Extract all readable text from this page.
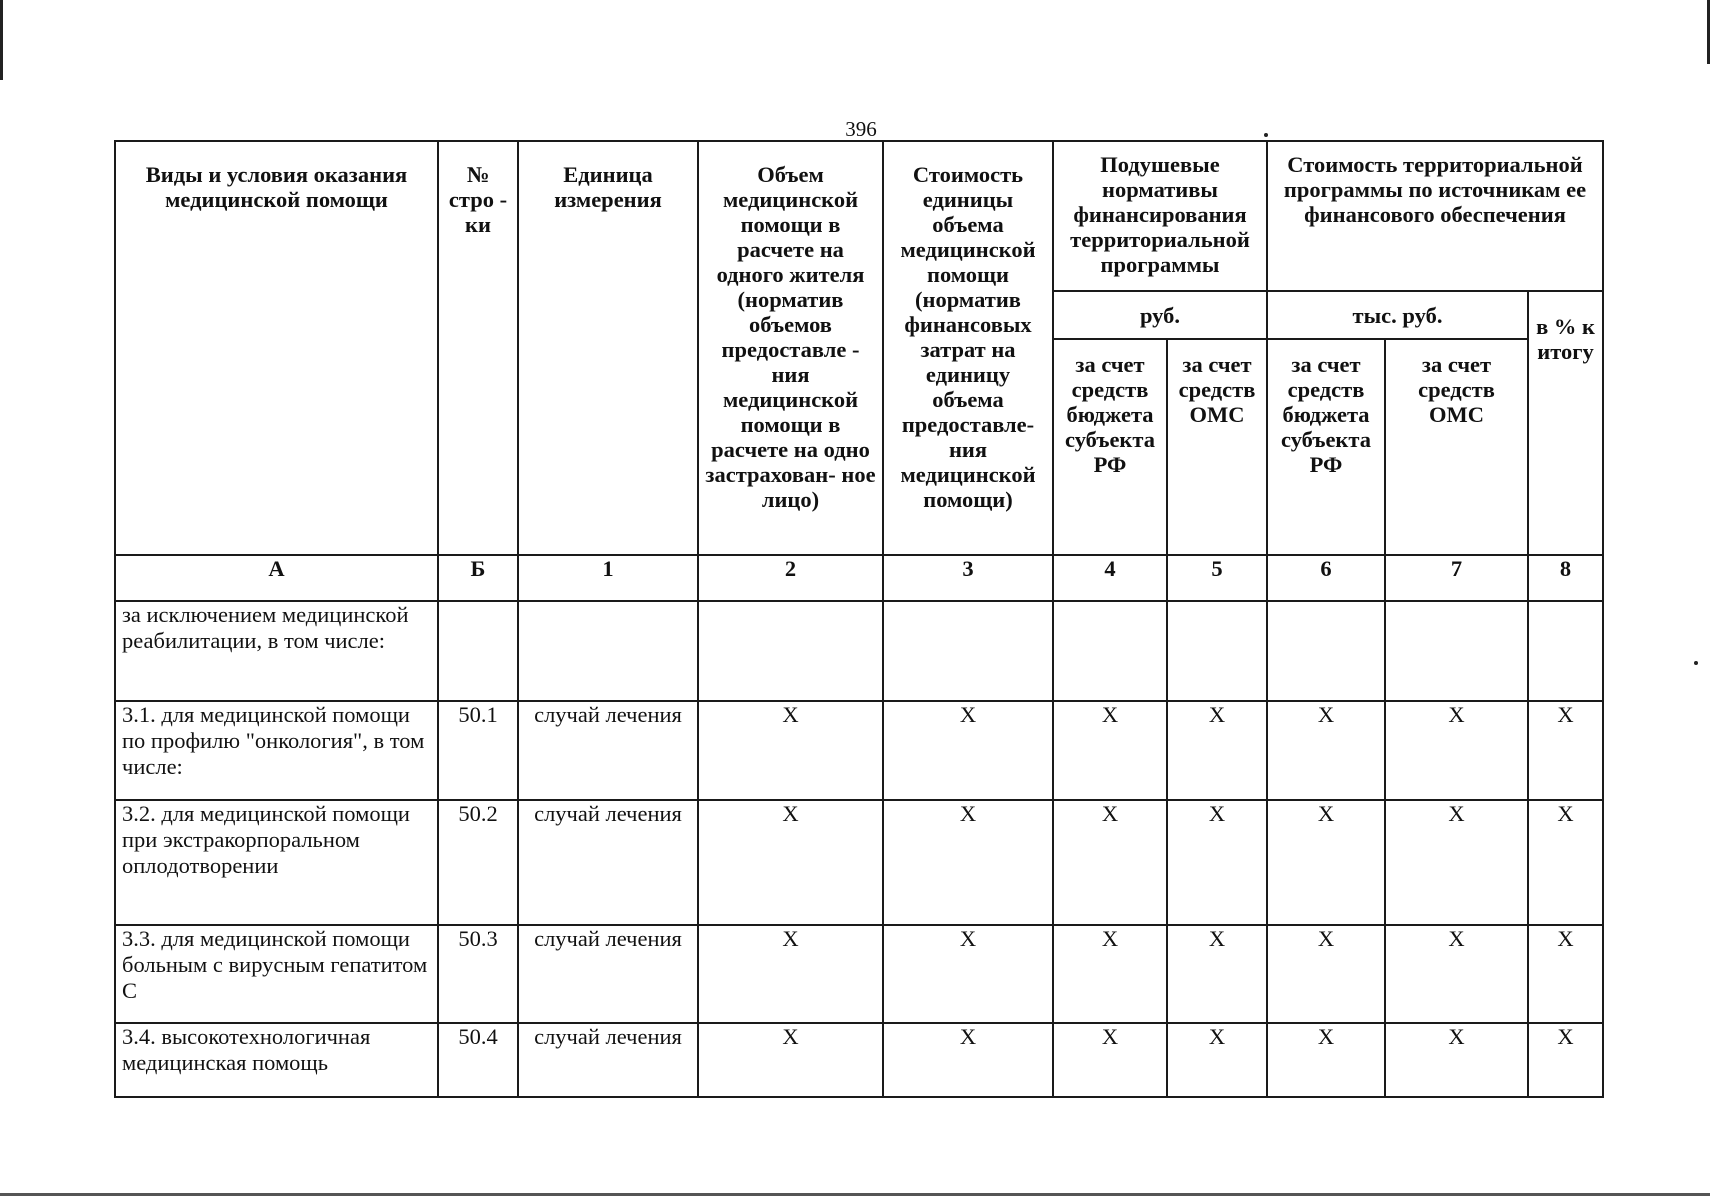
396
Виды и условия оказания медицинской помощи	№ стро - ки	Единица измерения	Объем медицинской помощи в расчете на одного жителя (норматив объемов предоставле - ния медицинской помощи в расчете на одно застрахован- ное лицо)	Стоимость единицы объема медицинской помощи (норматив финансовых затрат на единицу объема предоставле- ния медицинской помощи)	Подушевые нормативы финансирования территориальной программы		Стоимость территориальной программы по источникам ее финансового обеспечения		
					руб.		тыс. руб.		в % к итогу
					за счет средств бюджета субъекта РФ	за счет средств ОМС	за счет средств бюджета субъекта РФ	за счет средств ОМС	
А	Б	1	2	3	4	5	6	7	8
за исключением медицинской реабилитации, в том числе:									
3.1. для медицинской помощи по профилю "онкология", в том числе:	50.1	случай лечения	X	X	X	X	X	X	X
3.2. для медицинской помощи при экстракорпоральном оплодотворении	50.2	случай лечения	X	X	X	X	X	X	X
3.3. для медицинской помощи больным с вирусным гепатитом С	50.3	случай лечения	X	X	X	X	X	X	X
3.4. высокотехнологичная медицинская помощь	50.4	случай лечения	X	X	X	X	X	X	X
